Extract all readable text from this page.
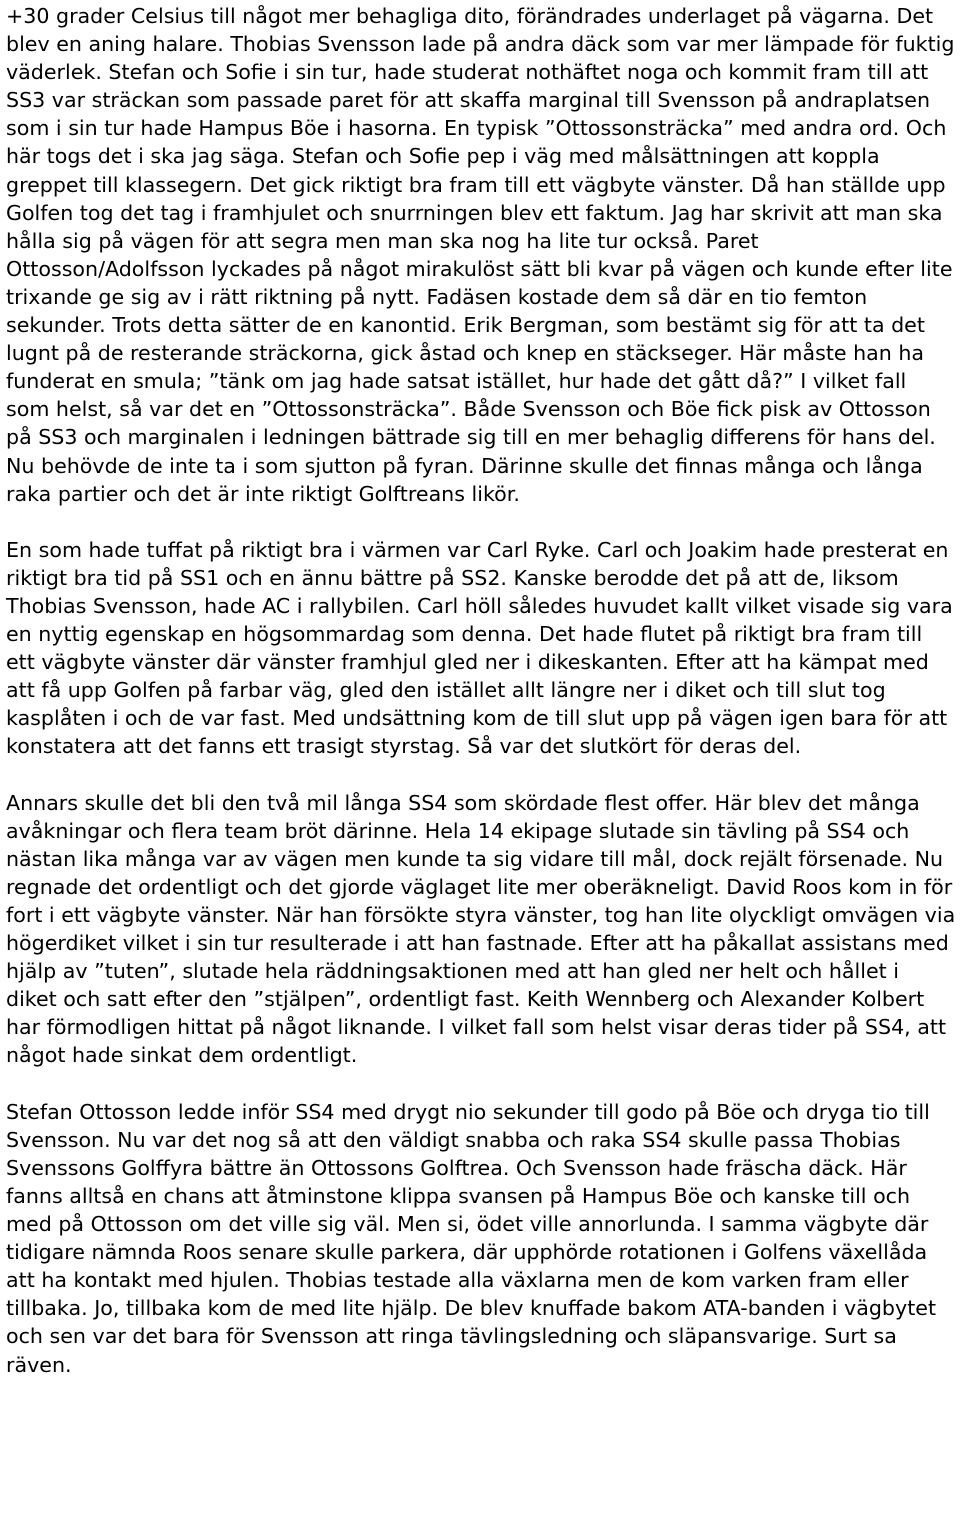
+30 grader Celsius till något mer behagliga dito, förändrades underlaget på vägarna. Det blev en aning halare. Thobias Svensson lade på andra däck som var mer lämpade för fuktig väderlek. Stefan och Sofie i sin tur, hade studerat nothäftet noga och kommit fram till att SS3 var sträckan som passade paret för att skaffa marginal till Svensson på andraplatsen som i sin tur hade Hampus Böe i hasorna. En typisk ”Ottossonsträcka” med andra ord. Och här togs det i ska jag säga. Stefan och Sofie pep i väg med målsättningen att koppla greppet till klassegern. Det gick riktigt bra fram till ett vägbyte vänster. Då han ställde upp Golfen tog det tag i framhjulet och snurrningen blev ett faktum. Jag har skrivit att man ska hålla sig på vägen för att segra men man ska nog ha lite tur också. Paret Ottosson/Adolfsson lyckades på något mirakulöst sätt bli kvar på vägen och kunde efter lite trixande ge sig av i rätt riktning på nytt. Fadäsen kostade dem så där en tio femton sekunder. Trots detta sätter de en kanontid. Erik Bergman, som bestämt sig för att ta det lugnt på de resterande sträckorna, gick åstad och knep en stäckseger. Här måste han ha funderat en smula; ”tänk om jag hade satsat istället, hur hade det gått då?” I vilket fall som helst, så var det en ”Ottossonsträcka”. Både Svensson och Böe fick pisk av Ottosson på SS3 och marginalen i ledningen bättrade sig till en mer behaglig differens för hans del. Nu behövde de inte ta i som sjutton på fyran. Därinne skulle det finnas många och långa raka partier och det är inte riktigt Golftreans likör.

En som hade tuffat på riktigt bra i värmen var Carl Ryke. Carl och Joakim hade presterat en riktigt bra tid på SS1 och en ännu bättre på SS2. Kanske berodde det på att de, liksom Thobias Svensson, hade AC i rallybilen. Carl höll således huvudet kallt vilket visade sig vara en nyttig egenskap en högsommardag som denna. Det hade flutet på riktigt bra fram till ett vägbyte vänster där vänster framhjul gled ner i dikeskanten. Efter att ha kämpat med att få upp Golfen på farbar väg, gled den istället allt längre ner i diket och till slut tog kasplåten i och de var fast. Med undsättning kom de till slut upp på vägen igen bara för att konstatera att det fanns ett trasigt styrstag. Så var det slutkört för deras del.

Annars skulle det bli den två mil långa SS4 som skördade flest offer. Här blev det många avåkningar och flera team bröt därinne. Hela 14 ekipage slutade sin tävling på SS4 och nästan lika många var av vägen men kunde ta sig vidare till mål, dock rejält försenade. Nu regnade det ordentligt och det gjorde väglaget lite mer oberäkneligt. David Roos kom in för fort i ett vägbyte vänster. När han försökte styra vänster, tog han lite olyckligt omvägen via högerdiket vilket i sin tur resulterade i att han fastnade. Efter att ha påkallat assistans med hjälp av ”tuten”, slutade hela räddningsaktionen med att han gled ner helt och hållet i diket och satt efter den ”stjälpen”, ordentligt fast. Keith Wennberg och Alexander Kolbert har förmodligen hittat på något liknande. I vilket fall som helst visar deras tider på SS4, att något hade sinkat dem ordentligt.

Stefan Ottosson ledde inför SS4 med drygt nio sekunder till godo på Böe och dryga tio till Svensson. Nu var det nog så att den väldigt snabba och raka SS4 skulle passa Thobias Svenssons Golffyra bättre än Ottossons Golftrea. Och Svensson hade fräscha däck. Här fanns alltså en chans att åtminstone klippa svansen på Hampus Böe och kanske till och med på Ottosson om det ville sig väl. Men si, ödet ville annorlunda. I samma vägbyte där tidigare nämnda Roos senare skulle parkera, där upphörde rotationen i Golfens växellåda att ha kontakt med hjulen. Thobias testade alla växlarna men de kom varken fram eller tillbaka. Jo, tillbaka kom de med lite hjälp. De blev knuffade bakom ATA-banden i vägbytet och sen var det bara för Svensson att ringa tävlingsledning och släpansvarige. Surt sa räven.
